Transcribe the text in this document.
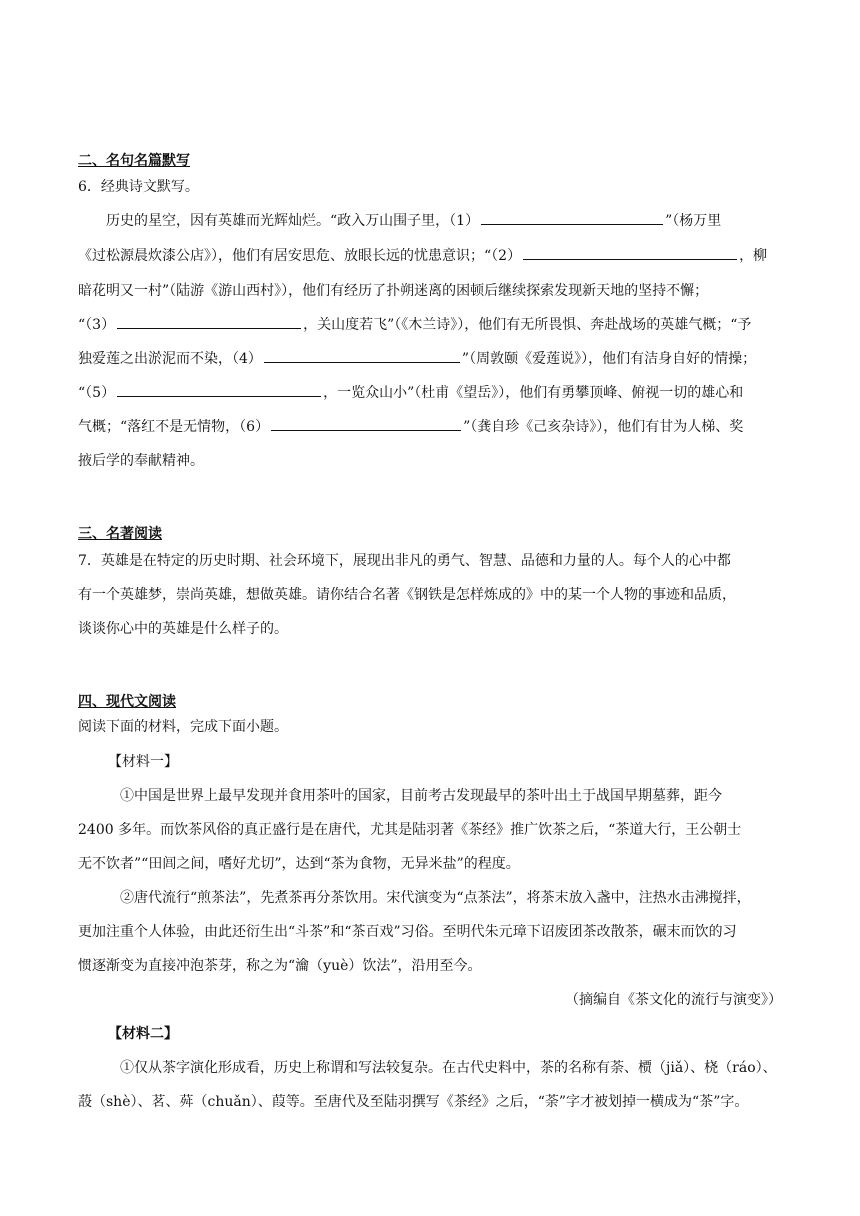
二、名句名篇默写
6．经典诗文默写。
历史的星空，因有英雄而光辉灿烂。“政入万山围子里，（1）	”（杨万里
《过松源晨炊漆公店》），他们有居安思危、放眼长远的忧患意识；“（2）	，柳
暗花明又一村”（陆游《游山西村》），他们有经历了扑朔迷离的困顿后继续探索发现新天地的坚持不懈；
“（3）	，关山度若飞”（《木兰诗》），他们有无所畏惧、奔赴战场的英雄气概；“予
独爱莲之出淤泥而不染，（4）	”（周敦颐《爱莲说》），他们有洁身自好的情操；
“（5）	，一览众山小”（杜甫《望岳》），他们有勇攀顶峰、俯视一切的雄心和
气概；“落红不是无情物，（6）	”（龚自珍《己亥杂诗》），他们有甘为人梯、奖
掖后学的奉献精神。
三、名著阅读
7．英雄是在特定的历史时期、社会环境下，展现出非凡的勇气、智慧、品德和力量的人。每个人的心中都
有一个英雄梦，崇尚英雄，想做英雄。请你结合名著《钢铁是怎样炼成的》中的某一个人物的事迹和品质，
谈谈你心中的英雄是什么样子的。
四、现代文阅读
阅读下面的材料，完成下面小题。
【材料一】
①中国是世界上最早发现并食用茶叶的国家，目前考古发现最早的茶叶出土于战国早期墓葬，距今
2400 多年。而饮茶风俗的真正盛行是在唐代，尤其是陆羽著《茶经》推广饮茶之后，“茶道大行，王公朝士
无不饮者”“田闾之间，嗜好尤切”，达到“茶为食物，无异米盐”的程度。
②唐代流行“煎茶法”，先煮茶再分茶饮用。宋代演变为“点茶法”，将茶末放入盏中，注热水击沸搅拌，
更加注重个人体验，由此还衍生出“斗茶”和“茶百戏”习俗。至明代朱元璋下诏废团茶改散茶，碾末而饮的习
惯逐渐变为直接冲泡茶芽，称之为“瀹（yuè）饮法”，沿用至今。
（摘编自《茶文化的流行与演变》）
【材料二】
①仅从茶字演化形成看，历史上称谓和写法较复杂。在古代史料中，茶的名称有荼、槚（jiǎ）、桡（ráo）、
蔎（shè）、茗、荈（chuǎn）、葭等。至唐代及至陆羽撰写《茶经》之后，“荼”字才被划掉一横成为“茶”字。
